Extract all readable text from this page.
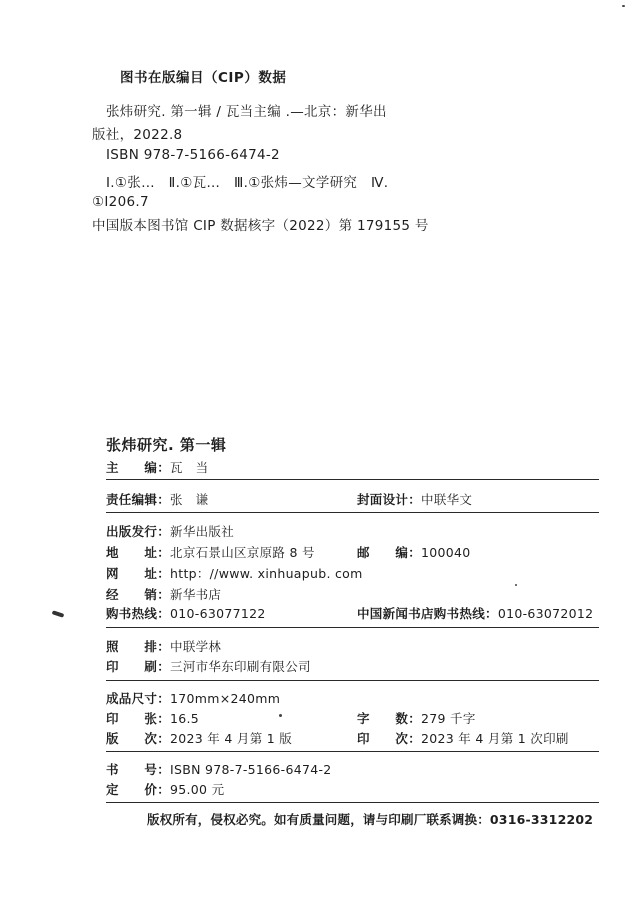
图书在版编目（CIP）数据
张炜研究. 第一辑 / 瓦当主编 .—北京：新华出
版社，2022.8
ISBN 978-7-5166-6474-2
Ⅰ.①张…　Ⅱ.①瓦…　Ⅲ.①张炜—文学研究　Ⅳ.
①I206.7
中国版本图书馆 CIP 数据核字（2022）第 179155 号
张炜研究. 第一辑
主　　编：瓦　当
责任编辑：张　谦	封面设计：中联华文
出版发行：新华出版社
地　　址：北京石景山区京原路 8 号	邮　　编：100040
网　　址：http：//www. xinhuapub. com
经　　销：新华书店
购书热线：010-63077122	中国新闻书店购书热线：010-63072012
照　　排：中联学林
印　　刷：三河市华东印刷有限公司
成品尺寸：170mm×240mm
印　　张：16.5	字　　数：279 千字
版　　次：2023 年 4 月第 1 版	印　　次：2023 年 4 月第 1 次印刷
书　　号：ISBN 978-7-5166-6474-2
定　　价：95.00 元
版权所有，侵权必究。如有质量问题，请与印刷厂联系调换：0316-3312202
